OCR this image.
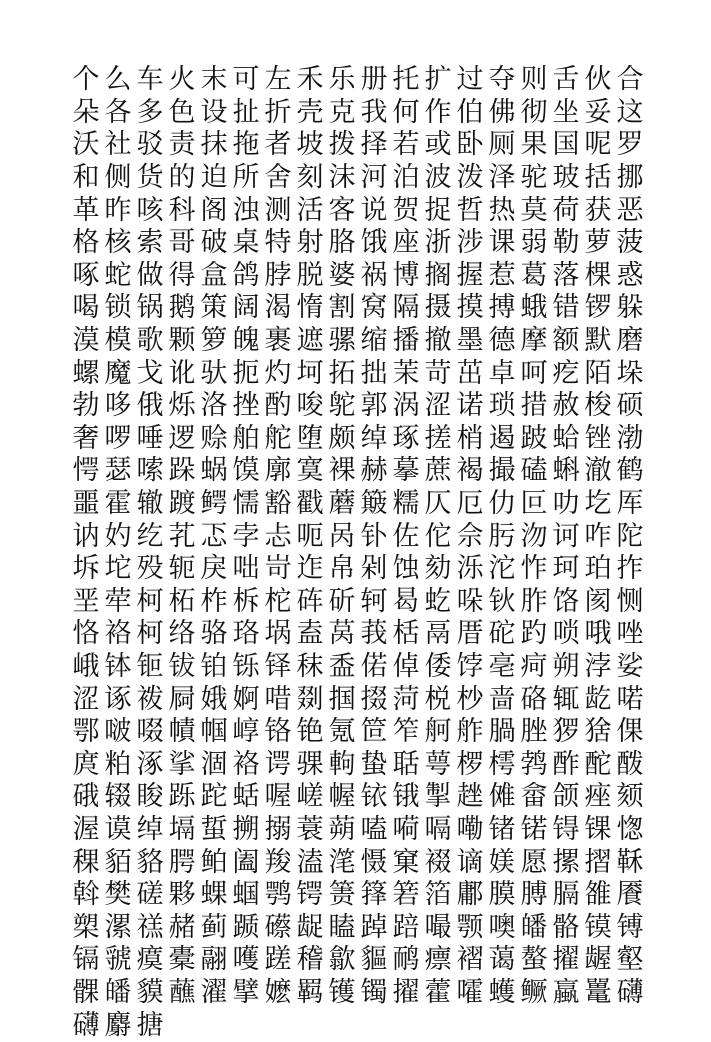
个 么 车 火 末 可 左 禾 乐 册 托 扩 过 夺 则 舌 伙 合
朵 各 多 色 设 扯 折 壳 克 我 何 作 伯 佛 彻 坐 妥 这
沃 社 驳 责 抹 拖 者 坡 拨 择 若 或 卧 厕 果 国 呢 罗
和 侧 货 的 迫 所 舍 刻 沫 河 泊 波 泼 泽 驼 玻 括 挪
革 昨 咳 科 阁 浊 测 活 客 说 贺 捉 哲 热 莫 荷 获 恶
格 核 索 哥 破 桌 特 射 胳 饿 座 浙 涉 课 弱 勒 萝 菠
啄 蛇 做 得 盒 鸽 脖 脱 婆 祸 博 搁 握 惹 葛 落 棵 惑
喝 锁 锅 鹅 策 阔 渴 惰 割 窝 隔 摄 摸 搏 蛾 错 锣 躲
漠 模 歌 颗 箩 魄 裹 遮 骡 缩 播 撤 墨 德 摩 额 默 磨
螺 魔 戈 讹 驮 扼 灼 坷 拓 拙 茉 苛 茁 卓 呵 疙 陌 垛
勃 哆 俄 烁 洛 挫 酌 唆 鸵 郭 涡 涩 诺 琐 措 赦 梭 硕
奢 啰 唾 逻 赊 舶 舵 堕 颇 绰 琢 搓 梢 遏 跛 蛤 锉 渤
愕 瑟 嗦 跺 蜗 馍 廓 寞 裸 赫 摹 蔗 褐 撮 磕 蝌 澈 鹤
噩 霍 辙 踱 鳄 懦 豁 戳 蘑 簸 糯 仄 厄 仂 叵 叻 圪 厍
讷 妁 纥 芤 忑 孛 忐 呃 呙 钋 佐 佗 佘 肟 沕 诃 咋 陀
坼 坨 殁 轭 戾 咄 岢 迮 帛 剁 蚀 劾 泺 沱 怍 珂 珀 拃
垩 荦 柯 柘 柞 柝 柁 砗 斫 轲 曷 虼 哚 钬 胙 饹 阂 恻
恪 袼 柯 络 骆 珞 埚 盍 莴 莪 栝 鬲 厝 砣 趵 唢 哦 唑
峨 钵 钷 钹 铂 铄 铎 秣 盉 偌 倬 倭 饽 亳 疴 朔 浡 娑
涩 诼 袯 屙 娥 婀 唶 剟 掴 掇 菏 棁 杪 啬 硌 辄 龁 喏
鄂 啵 啜 幘 帼 崞 铬 铯 氪 笸 笮 舸 舴 腡 脞 猡 猞 倮
庹 粕 涿 挲 涸 袼 谔 骒 軥 蛰 聒 萼 椤 樗 鹁 酢 酡 酦
硪 辍 睃 跞 跎 蛞 喔 嵯 幄 铱 锇 掣 趖 傩 畲 颌 痤 颏
渥 谟 绰 塥 蜇 搠 搦 蓑 蒴 嗑 嗬 嗝 嘞 锗 锘 锝 锞 愡
稞 貊 貉 腭 鲌 阖 羧 溘 滗 慑 窠 裰 谪 媄 愿 摞 摺 鞂
斡 樊 磋 夥 蜾 蝈 鹗 锷 箦 箨 箬 箔 鄘 膜 膊 膈 雒 餍
槊 漯 禚 赭 蓟 踬 礤 龊 瞌 踔 踣 嘬 颚 噢 皤 骼 镆 镈
镉 虢 瘼 橐 翮 嚄 蹉 稽 歙 貙 鸸 瘭 褶 蔼 螯 擢 龌 壑
髁 皤 貘 蘸 濯 擘 嬷 羁 镬 镯 擢 藿 嚯 蠖 鳜 蠃 鼍 礴
礴 麝 搪
